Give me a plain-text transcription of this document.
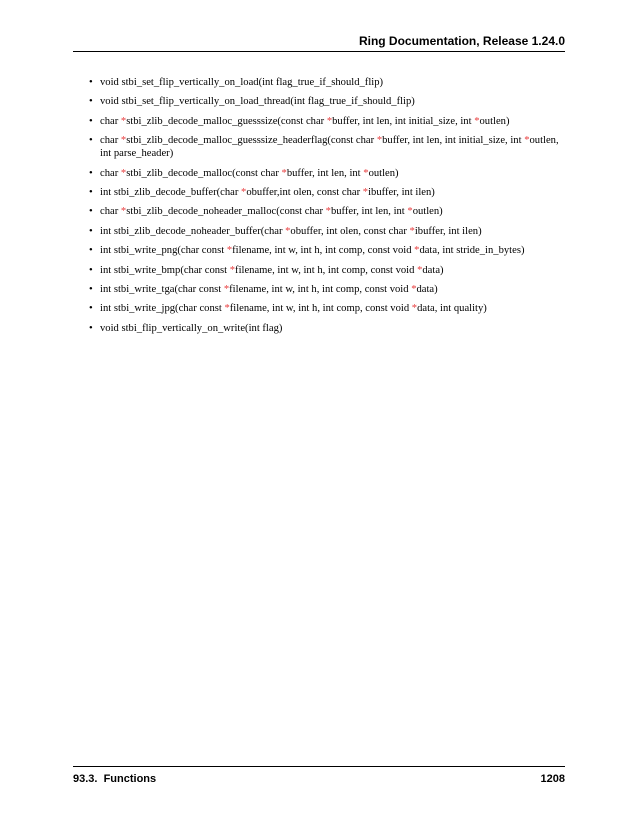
Ring Documentation, Release 1.24.0
• void stbi_set_flip_vertically_on_load(int flag_true_if_should_flip)
• void stbi_set_flip_vertically_on_load_thread(int flag_true_if_should_flip)
• char *stbi_zlib_decode_malloc_guesssize(const char *buffer, int len, int initial_size, int *outlen)
• char *stbi_zlib_decode_malloc_guesssize_headerflag(const char *buffer, int len, int initial_size, int *outlen, int parse_header)
• char *stbi_zlib_decode_malloc(const char *buffer, int len, int *outlen)
• int stbi_zlib_decode_buffer(char *obuffer,int olen, const char *ibuffer, int ilen)
• char *stbi_zlib_decode_noheader_malloc(const char *buffer, int len, int *outlen)
• int stbi_zlib_decode_noheader_buffer(char *obuffer, int olen, const char *ibuffer, int ilen)
• int stbi_write_png(char const *filename, int w, int h, int comp, const void *data, int stride_in_bytes)
• int stbi_write_bmp(char const *filename, int w, int h, int comp, const void *data)
• int stbi_write_tga(char const *filename, int w, int h, int comp, const void *data)
• int stbi_write_jpg(char const *filename, int w, int h, int comp, const void *data, int quality)
• void stbi_flip_vertically_on_write(int flag)
93.3.  Functions	1208
